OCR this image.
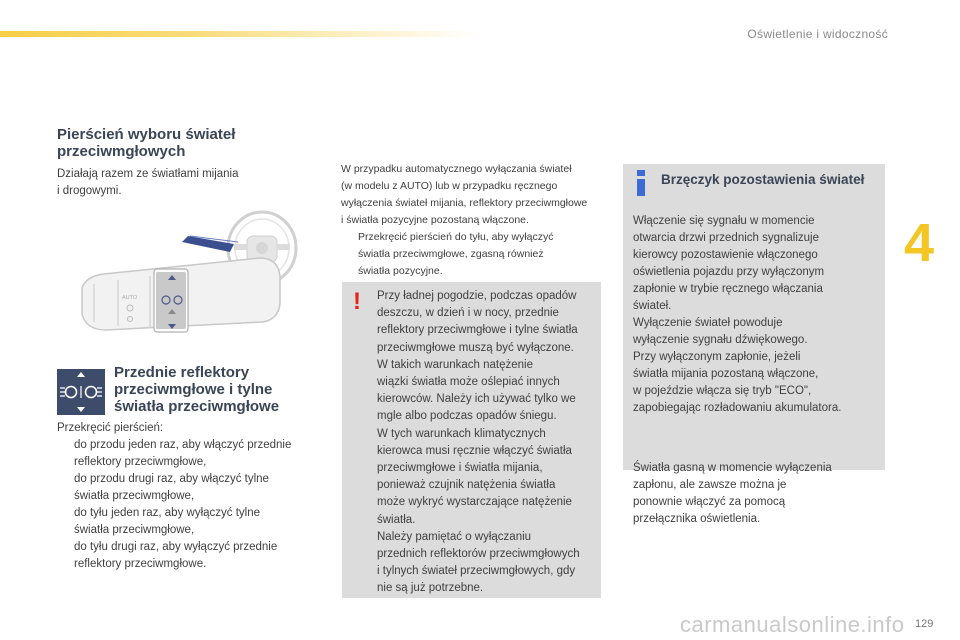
Oświetlenie i widoczność
4
Pierścień wyboru świateł
przeciwmgłowych
Działają razem ze światłami mijania
i drogowymi.
AUTO
Przednie reflektory
przeciwmgłowe i tylne
światła przeciwmgłowe
Przekręcić pierścień:
do przodu jeden raz, aby włączyć przednie
reflektory przeciwmgłowe,
do przodu drugi raz, aby włączyć tylne
światła przeciwmgłowe,
do tyłu jeden raz, aby wyłączyć tylne
światła przeciwmgłowe,
do tyłu drugi raz, aby wyłączyć przednie
reflektory przeciwmgłowe.
W przypadku automatycznego wyłączania świateł
(w modelu z AUTO) lub w przypadku ręcznego
wyłączenia świateł mijania, reflektory przeciwmgłowe
i światła pozycyjne pozostaną włączone.
Przekręcić pierścień do tyłu, aby wyłączyć
światła przeciwmgłowe, zgasną również
światła pozycyjne.
! Przy ładnej pogodzie, podczas opadów
deszczu, w dzień i w nocy, przednie
reflektory przeciwmgłowe i tylne światła
przeciwmgłowe muszą być wyłączone.
W takich warunkach natężenie
wiązki światła może oślepiać innych
kierowców. Należy ich używać tylko we
mgle albo podczas opadów śniegu.
W tych warunkach klimatycznych
kierowca musi ręcznie włączyć światła
przeciwmgłowe i światła mijania,
ponieważ czujnik natężenia światła
może wykryć wystarczające natężenie
światła.
Należy pamiętać o wyłączaniu
przednich reflektorów przeciwmgłowych
i tylnych świateł przeciwmgłowych, gdy
nie są już potrzebne.
Brzęczyk pozostawienia świateł

Włączenie się sygnału w momencie
otwarcia drzwi przednich sygnalizuje
kierowcy pozostawienie włączonego
oświetlenia pojazdu przy wyłączonym
zapłonie w trybie ręcznego włączania
świateł.
Wyłączenie świateł powoduje
wyłączenie sygnału dźwiękowego.
Przy wyłączonym zapłonie, jeżeli
światła mijania pozostaną włączone,
w pojeździe włącza się tryb "ECO",
zapobiegając rozładowaniu akumulatora.

Światła gasną w momencie wyłączenia
zapłonu, ale zawsze można je
ponownie włączyć za pomocą
przełącznika oświetlenia.

carmanualsonline.info 129
